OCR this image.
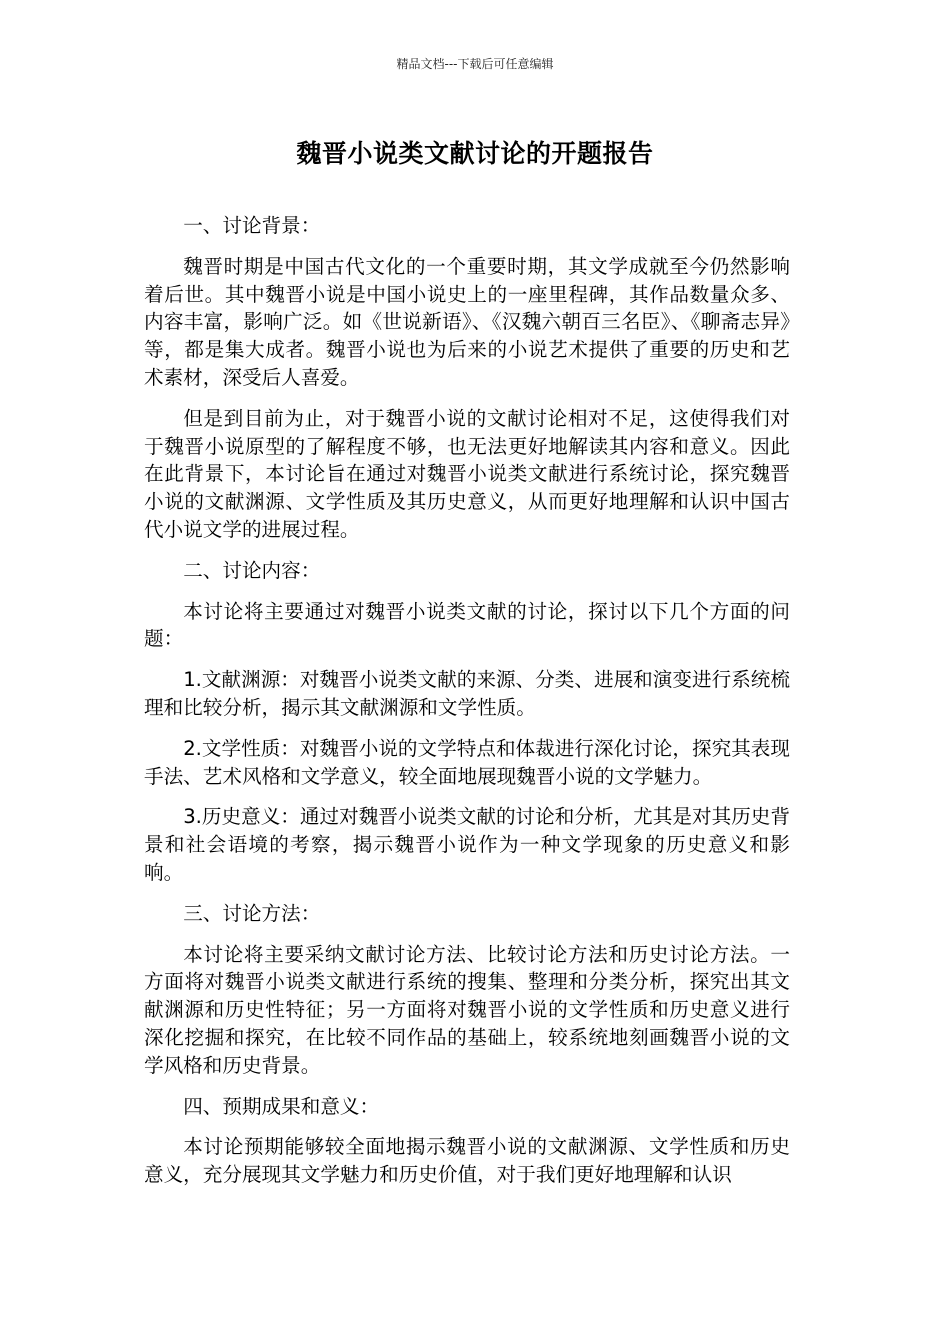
精品文档---下载后可任意编辑
魏晋小说类文献讨论的开题报告

一、讨论背景：

魏晋时期是中国古代文化的一个重要时期，其文学成就至今仍然影响着后世。其中魏晋小说是中国小说史上的一座里程碑，其作品数量众多、内容丰富，影响广泛。如《世说新语》、《汉魏六朝百三名臣》、《聊斋志异》等，都是集大成者。魏晋小说也为后来的小说艺术提供了重要的历史和艺术素材，深受后人喜爱。

但是到目前为止，对于魏晋小说的文献讨论相对不足，这使得我们对于魏晋小说原型的了解程度不够，也无法更好地解读其内容和意义。因此在此背景下，本讨论旨在通过对魏晋小说类文献进行系统讨论，探究魏晋小说的文献渊源、文学性质及其历史意义，从而更好地理解和认识中国古代小说文学的进展过程。

二、讨论内容：

本讨论将主要通过对魏晋小说类文献的讨论，探讨以下几个方面的问题：

1.文献渊源：对魏晋小说类文献的来源、分类、进展和演变进行系统梳理和比较分析，揭示其文献渊源和文学性质。

2.文学性质：对魏晋小说的文学特点和体裁进行深化讨论，探究其表现手法、艺术风格和文学意义，较全面地展现魏晋小说的文学魅力。

3.历史意义：通过对魏晋小说类文献的讨论和分析，尤其是对其历史背景和社会语境的考察，揭示魏晋小说作为一种文学现象的历史意义和影响。

三、讨论方法：

本讨论将主要采纳文献讨论方法、比较讨论方法和历史讨论方法。一方面将对魏晋小说类文献进行系统的搜集、整理和分类分析，探究出其文献渊源和历史性特征；另一方面将对魏晋小说的文学性质和历史意义进行深化挖掘和探究，在比较不同作品的基础上，较系统地刻画魏晋小说的文学风格和历史背景。

四、预期成果和意义：

本讨论预期能够较全面地揭示魏晋小说的文献渊源、文学性质和历史意义，充分展现其文学魅力和历史价值，对于我们更好地理解和认识
